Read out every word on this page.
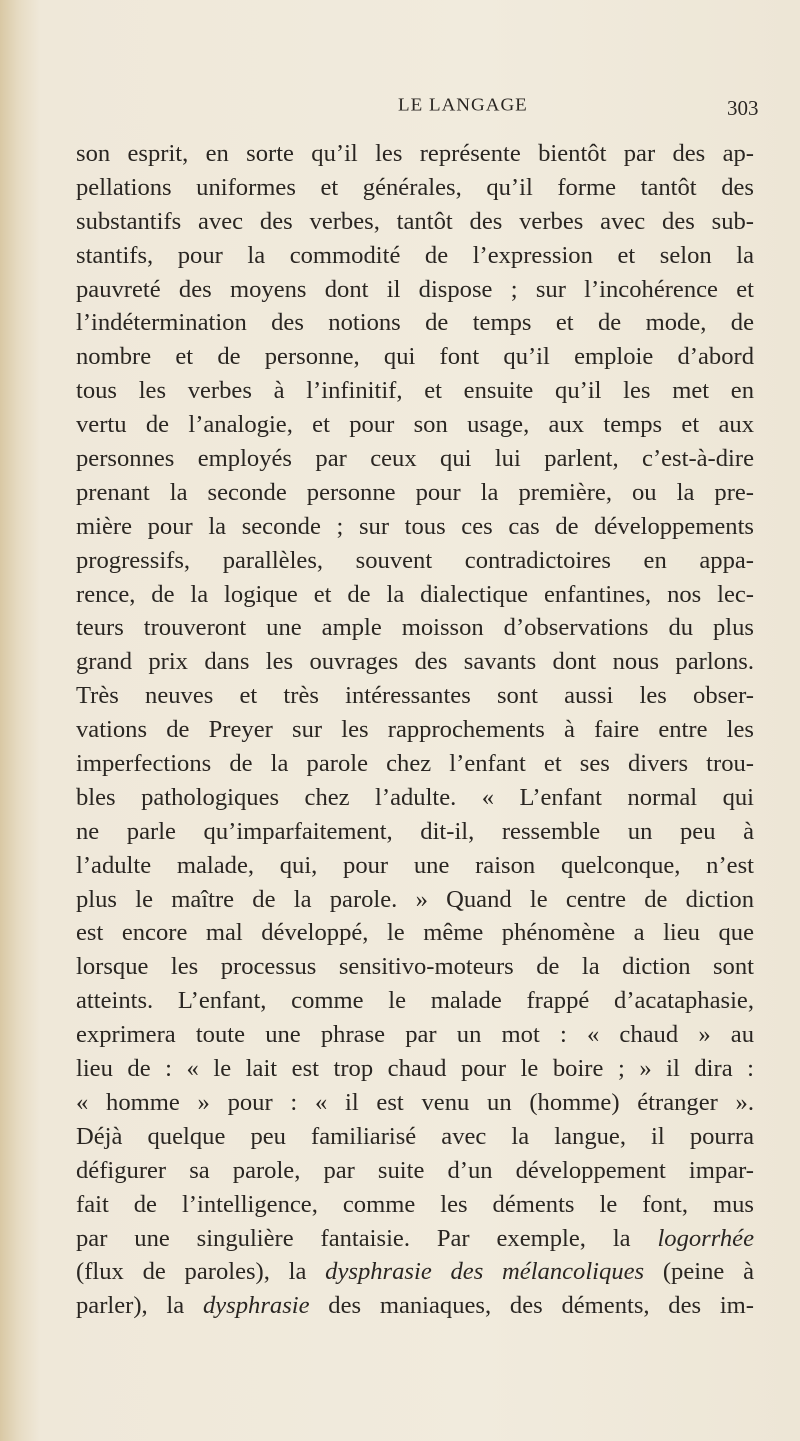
LE LANGAGE	303
son esprit, en sorte qu’il les représente bientôt par des ap-
pellations uniformes et générales, qu’il forme tantôt des
substantifs avec des verbes, tantôt des verbes avec des sub-
stantifs, pour la commodité de l’expression et selon la
pauvreté des moyens dont il dispose ; sur l’incohérence et
l’indétermination des notions de temps et de mode, de
nombre et de personne, qui font qu’il emploie d’abord
tous les verbes à l’infinitif, et ensuite qu’il les met en
vertu de l’analogie, et pour son usage, aux temps et aux
personnes employés par ceux qui lui parlent, c’est-à-dire
prenant la seconde personne pour la première, ou la pre-
mière pour la seconde ; sur tous ces cas de développements
progressifs, parallèles, souvent contradictoires en appa-
rence, de la logique et de la dialectique enfantines, nos lec-
teurs trouveront une ample moisson d’observations du plus
grand prix dans les ouvrages des savants dont nous parlons.
Très neuves et très intéressantes sont aussi les obser-
vations de Preyer sur les rapprochements à faire entre les
imperfections de la parole chez l’enfant et ses divers trou-
bles pathologiques chez l’adulte. « L’enfant normal qui
ne parle qu’imparfaitement, dit-il, ressemble un peu à
l’adulte malade, qui, pour une raison quelconque, n’est
plus le maître de la parole. » Quand le centre de diction
est encore mal développé, le même phénomène a lieu que
lorsque les processus sensitivo-moteurs de la diction sont
atteints. L’enfant, comme le malade frappé d’acataphasie,
exprimera toute une phrase par un mot : « chaud » au
lieu de : « le lait est trop chaud pour le boire ; » il dira :
« homme » pour : « il est venu un (homme) étranger ».
Déjà quelque peu familiarisé avec la langue, il pourra
défigurer sa parole, par suite d’un développement impar-
fait de l’intelligence, comme les déments le font, mus
par une singulière fantaisie. Par exemple, la logorrhée
(flux de paroles), la dysphrasie des mélancoliques (peine à
parler), la dysphrasie des maniaques, des déments, des im-
